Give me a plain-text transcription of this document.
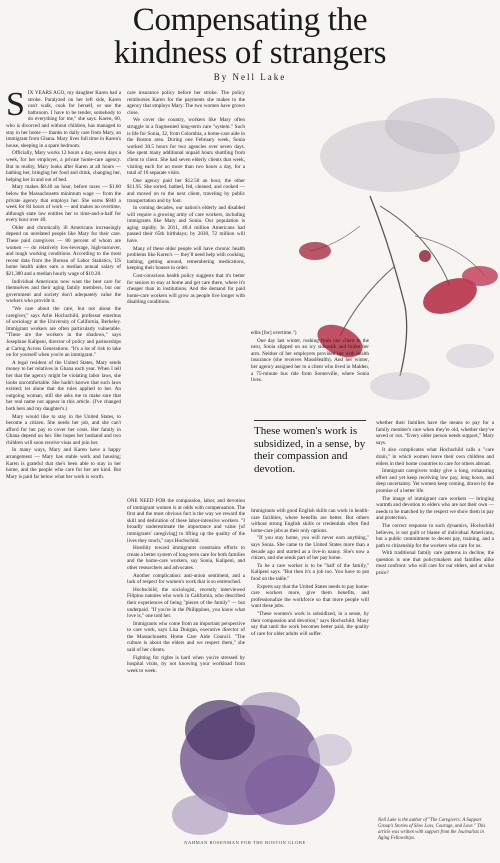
Compensating the
kindness of strangers
By Nell Lake

SIX YEARS AGO, my daughter Karen had a stroke. Paralyzed on her left side, Karen can't walk, cook for herself, or use the bathroom. I have to be tender, somebody to do everything for me," she says. Karen, 60, who is divorced and without children, has managed to stay in her home — thanks to daily care from Mary, an immigrant from Ghana. Mary lives full time in Karen's house, sleeping in a spare bedroom.

Officially, Mary works 12 hours a day, seven days a week, for her employer, a private home-care agency. But in reality, Mary looks after Karen at all hours — bathing her, bringing her food and drink, changing her, helping her in and out of bed.

Mary makes $8.40 an hour, before taxes — $1.60 below the Massachusetts minimum wage — from the private agency that employs her. She earns $840 a week for 84 hours of work — and makes no overtime, although state law entitles her to time-and-a-half for every hour over 40.

Older and chronically ill Americans increasingly depend on unrelated people like Mary for their care. These paid caregivers — 80 percent of whom are women — do relatively low-leverage, high-turnover, and tough working conditions. According to the most recent data from the Bureau of Labor Statistics, US home health aides earn a median annual salary of $21,380 and a median hourly wage of $10.28.

Individual Americans now want the best care for themselves and their aging family members, but our government and society don't adequately value the workers who provide it.

"We care about the care, but not about the caregiver," says Arlie Hochschild, professor emeritus of sociology at the University of California, Berkeley. Immigrant workers are often particularly vulnerable. "These are the workers in the shadows," says Josephine Kalipeni, director of policy and partnerships at Caring Across Generations. "It's a lot of risk to take on for yourself when you're an immigrant."

A legal resident of the United States, Mary sends money to her relatives in Ghana each year. When I tell her that the agency might be violating labor laws, she looks uncomfortable. She hadn't known that such laws existed; let alone that the rules applied to her. An outgoing woman, still she asks me to make sure that her real name not appear in this article. (I've changed both hers and my daughter's.)

Mary would like to stay in the United States, to become a citizen. She needs her job, and she can't afford for her pay to cover her costs. Her family in Ghana depend on her. She hopes her husband and two children will soon receive visas and join her.

In many ways, Mary and Karen have a happy arrangement — Mary has stable work and housing; Karen is grateful that she's been able to stay in her home, and the people who care for her are kind. But Mary is paid far below what her work is worth.

care insurance policy before her stroke. The policy reimburses Karen for the payments she makes to the agency that employs Mary. The two women have grown close.

We cover the country, workers like Mary often struggle in a fragmented long-term care "system." Such is life for Sonia, 32, from Colombia, a home-care aide in the Boston area. During one February week, Sonia worked 30.5 hours for two agencies over seven days. She spent many additional unpaid hours shuttling from client to client. She had seven elderly clients that week, visiting each for no more than two hours a day, for a total of 16 separate visits.

One agency paid her $12.50 an hour, the other $11.95. She sorted, bathed, fed, cleaned, and cooked — and moved on to the next client, traveling by public transportation and by foot.

In coming decades, our nation's elderly and disabled will require a growing army of care workers, including immigrants like Mary and Sonia. Our population is aging rapidly. In 2011, 40.4 million Americans had passed their 65th birthdays; by 2030, 72 million will have.

Many of these older people will have chronic health problems like Karen's — they'll need help with cooking, bathing, getting around, remembering medications, keeping their houses in order.

Cost-conscious health policy suggests that it's better for seniors to stay at home and get care there, where it's cheaper than in institutions. And the demand for paid home-care workers will grow as people live longer with disabling conditions.

edits [for] overtime.")

One day last winter, rushing from one client to the next, Sonia slipped on an icy sidewalk and broke her arm. Neither of her employers provided her with health insurance (she receives MassHealth). And her winter, her agency assigned her to a client who lived in Malden, a 75-minute bus ride from Somerville, where Sonia lives.

These women's work is subsidized, in a sense, by their compassion and devotion.

ONE NEED FOR the compassion, labor, and devotion of immigrant women is at odds with compensation. The first and the most obvious fact is the way we reward the skill and dedication of these labor-intensive workers. "I broadly underestimate the importance and value [of immigrants' caregiving] to lifting up the quality of the lives they touch," says Hochschild.

Hostility toward immigrants constrains efforts to create a better system of long-term care for both families and the home-care workers, say Sonia, Kalipeni, and other researchers and advocates.

Another complication: anti-union sentiment, and a lack of respect for women's work that is so entrenched.

Hochschild, the sociologist, recently interviewed Filipino nannies who work in California, who described their experiences of being "pieces of the family" — but underpaid. "If you're in the Philippines, you know what love is," one told her.

Immigrants who come from an important perspective to care work, says Lisa Dungan, executive director of the Massachusetts Home Care Aide Council. "The culture is about the elders and we respect them," she said of her clients.

Fighting for rights is hard when you're stressed by hospital visits, by not knowing your workload from week to week.

Immigrants with good English skills can work in health-care facilities, where benefits are better. But others without strong English skills or credentials often find home-care jobs as their only options.

"If you stay home, you will never earn anything," says Sonia. She came to the United States more than a decade ago and started as a live-in nanny. She's now a citizen, and she sends part of her pay home.

To be a care worker is to be "half of the family," Kalipeni says. "But then it's a job too. You have to put food on the table."

Experts say that the United States needs to pay home-care workers more, give them benefits, and professionalize the workforce so that more people will want these jobs.

"These women's work is subsidized, in a sense, by their compassion and devotion," says Hochschild. Many say that until the work becomes better paid, the quality of care for older adults will suffer.

whether their families have the means to pay for a family member's care when they're old, whether they've saved or not. "Every older person needs support," Mary says.

It also complicates what Hochschild calls a "care drain," in which women leave their own children and elders in their home countries to care for others abroad.

Immigrant caregivers today give a long, exhausting effort and yet keep receiving low pay, long hours, and deep uncertainty. Yet women keep coming, drawn by the promise of a better life.

The image of immigrant care workers — bringing warmth and devotion to elders who are not their own — needs to be matched by the respect we show them in pay and protection.

The correct response to such dynamics, Hochschild believes, is not guilt or blame of individual Americans, but a public commitment to decent pay, training, and a path to citizenship for the workers who care for us.

With traditional family care patterns in decline, the question is one that policymakers and families alike must confront: who will care for our elders, and at what price?

Nell Lake is the author of "The Caregivers: A Support Group's Stories of Slow Loss, Courage, and Love." This article was written with support from the Journalists in Aging Fellowships.
NAHMAN ROSENMAN FOR THE BOSTON GLOBE
